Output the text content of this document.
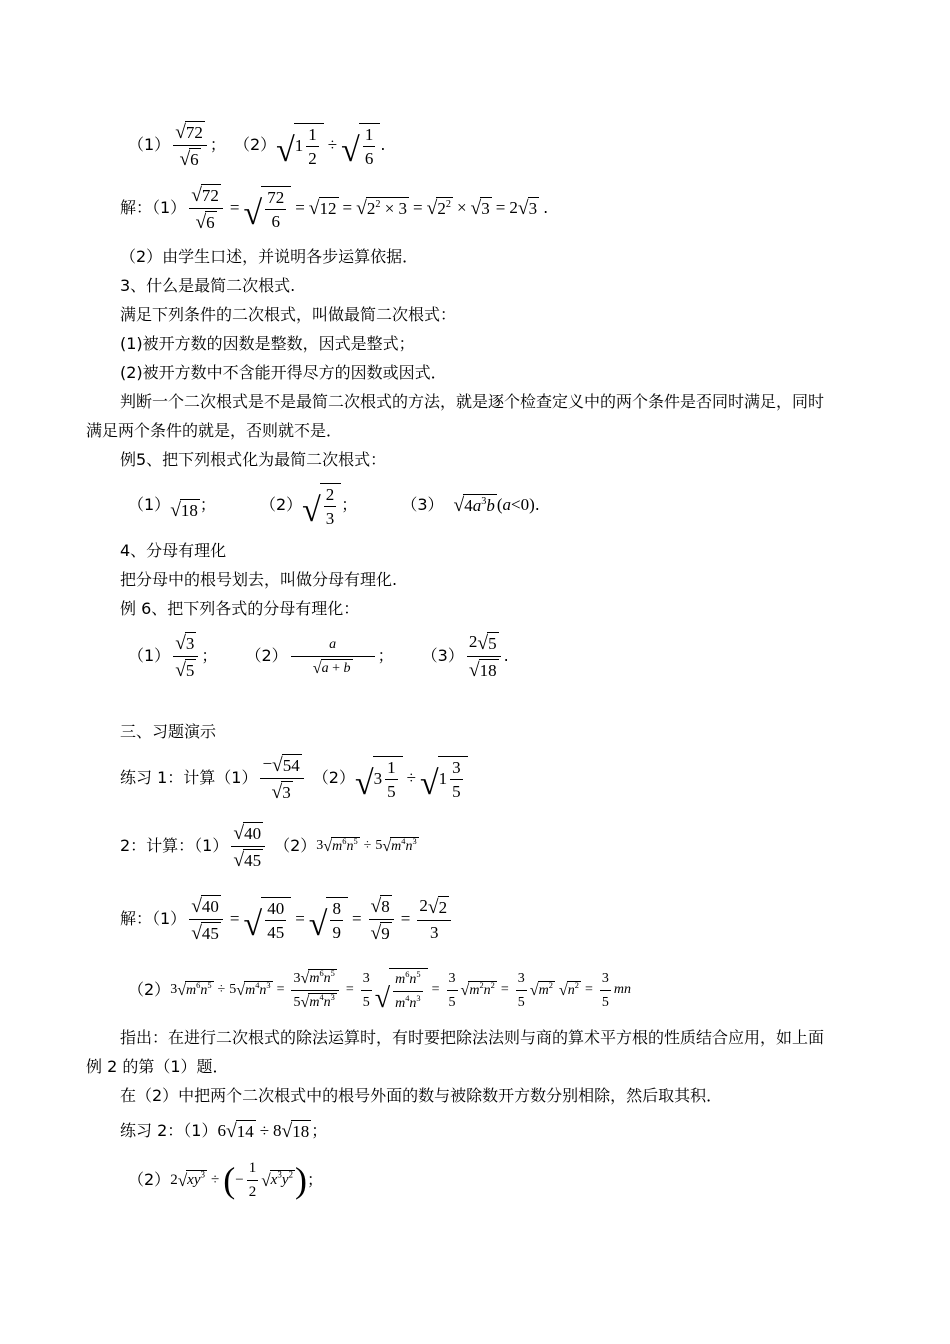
$(1) \frac{√ 72}{√ 6}$ ； （2） √ $1 \frac{1}{2}$ ÷ √ $\frac{1}{6}$ .
解：$(1) \frac{√ 72}{√ 6}$ = √ $\frac{72}{6}$ = √ 12 = √ $2^2 \times 3$ = √ $2^2$ × √ 3 = 2 √ 3 .
（2）由学生口述，并说明各步运算依据．
3、什么是最简二次根式.
满足下列条件的二次根式，叫做最简二次根式：
(1)被开方数的因数是整数，因式是整式；
(2)被开方数中不含能开得尽方的因数或因式．
判断一个二次根式是不是最简二次根式的方法，就是逐个检查定义中的两个条件是否同时满足，同时
满足两个条件的就是，否则就不是．
例5、把下列根式化为最简二次根式：
（1） √ 18 ；	（2） √ $\frac{2}{3}$ ；	（3） √ $4a^3b$ ( a <0) .
4、分母有理化
把分母中的根号划去，叫做分母有理化.
例 6、把下列各式的分母有理化：
$(1) \frac{√ 3}{√ 5}$ ； $(2) \frac{a}{√ a + b}$ ； $(3) \frac{2 √ 5}{√ 18}$ .
三、习题演示
练习 1：计算$(1) \frac{- √ 54}{√ 3} (2)$ √ $3 \frac{1}{5}$ ÷ √ $1 \frac{3}{5}$
2：计算：$(1) \frac{√ 40}{√ 45} (2)$ 3 √ $m^6n^5 \div 5$ √ $m^4n^3$
解：$(1) \frac{√ 40}{√ 45}$ = √ $\frac{40}{45}$ = √ $\frac{8}{9} = \frac{√ 8}{√ 9} = \frac{2 √ 2}{3}$
（2） 3 √ $m^6n^5 \div 5$ √ $m^4n^3 = \frac{3 √ m^6n^5}{5 √ m^4n^3} = \frac{3}{5}$ √ $\frac{m^6n^5}{m^4n^3} = \frac{3}{5}$ √ $m^2n^2 = \frac{3}{5}$ √ $m^2$ √ $n^2 = \frac{3}{5}$ mn
指出：在进行二次根式的除法运算时，有时要把除法法则与商的算术平方根的性质结合应用，如上面
例 2 的第（1）题．
在（2）中把两个二次根式中的根号外面的数与被除数开方数分别相除，然后取其积．
练习 2：（1） 6 √ 14 ÷ 8 √ 18 ；
（2） 2 √ $xy^3$ ÷ ( − $\frac{1}{2}$ √ $x^3y^2$ ) ；
